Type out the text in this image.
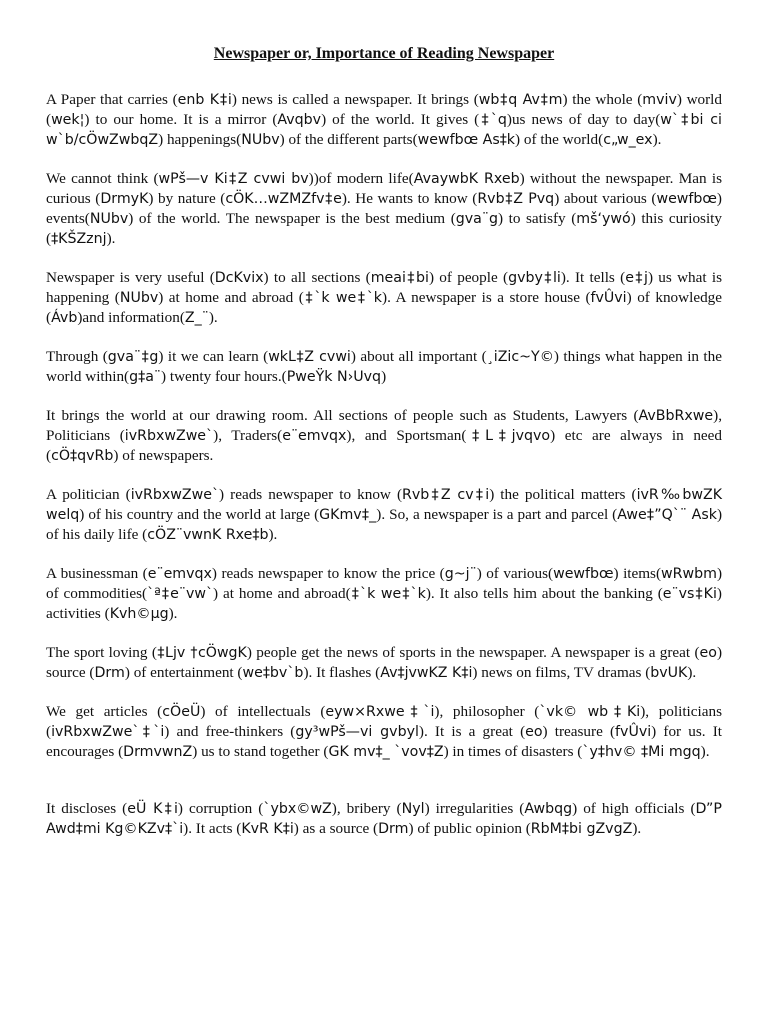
Newspaper or, Importance of Reading Newspaper

A Paper that carries (enb K‡i) news is called a newspaper. It brings (wb‡q Av‡m) the whole (mviv) world (wek¦) to our home. It is a mirror (Avqbv) of the world. It gives (‡`q)us news of day to day(w`‡bi ci w`b/cÖwZwbqZ) happenings(NUbv) of the different parts(wewfbœ As‡k) of the world(c„w_ex).

We cannot think (wPš—v Ki‡Z cvwi bv))of modern life(AvaywbK Rxeb) without the newspaper. Man is curious (DrmyK) by nature (cÖK…wZMZfv‡e). He wants to know (Rvb‡Z Pvq) about various (wewfbœ) events(NUbv) of the world. The newspaper is the best medium (gva¨g) to satisfy (mš‘ywó) this curiosity (‡KŠZznj).

Newspaper is very useful (DcKvix) to all sections (meai‡bi) of people (gvby‡li). It tells (e‡j) us what is happening (NUbv) at home and abroad (‡`k we‡`k). A newspaper is a store house (fvÛvi) of knowledge (Ávb)and information(Z_¨).

Through (gva¨‡g) it we can learn (wkL‡Z cvwi) about all important (¸iZic~Y©) things what happen in the world within(g‡a¨) twenty four hours.(PweŸk N›Uvq)

It brings the world at our drawing room. All sections of people such as Students, Lawyers (AvBbRxwe), Politicians (ivRbxwZwe`), Traders(e¨emvqx), and Sportsman(‡L‡jvqvo) etc are always in need (cÖ‡qvRb) of newspapers.

A politician (ivRbxwZwe`) reads newspaper to know (Rvb‡Z cv‡i) the political matters (ivR‰bwZK welq) of his country and the world at large (GKmv‡_). So, a newspaper is a part and parcel (Awe‡”Q`¨ Ask) of his daily life (cÖZ¨vwnK Rxe‡b).

A businessman (e¨emvqx) reads newspaper to know the price (g~j¨) of various(wewfbœ) items(wRwbm) of commodities(`ª‡e¨vw`) at home and abroad(‡`k we‡`k). It also tells him about the banking (e¨vs‡Ki) activities (Kvh©µg).

The sport loving (‡Ljv †cÖwgK) people get the news of sports in the newspaper. A newspaper is a great (eo) source (Drm) of entertainment (we‡bv`b). It flashes (Av‡jvwKZ K‡i) news on films, TV dramas (bvUK).

We get articles (cÖeÜ) of intellectuals (eyw×Rxwe‡`i), philosopher (`vk© wb‡Ki), politicians (ivRbxwZwe`‡`i) and free-thinkers (gy³wPš—vi gvbyl). It is a great (eo) treasure (fvÛvi) for us. It encourages (DrmvwnZ) us to stand together (GK mv‡_ `vov‡Z) in times of disasters (`y‡hv© ‡Mi mgq).

It discloses (eÜ K‡i) corruption (`ybx©wZ), bribery (Nyl) irregularities (Awbqg) of high officials (D”P Awd‡mi Kg©KZv‡`i). It acts (KvR K‡i) as a source (Drm) of public opinion (RbM‡bi gZvgZ).
